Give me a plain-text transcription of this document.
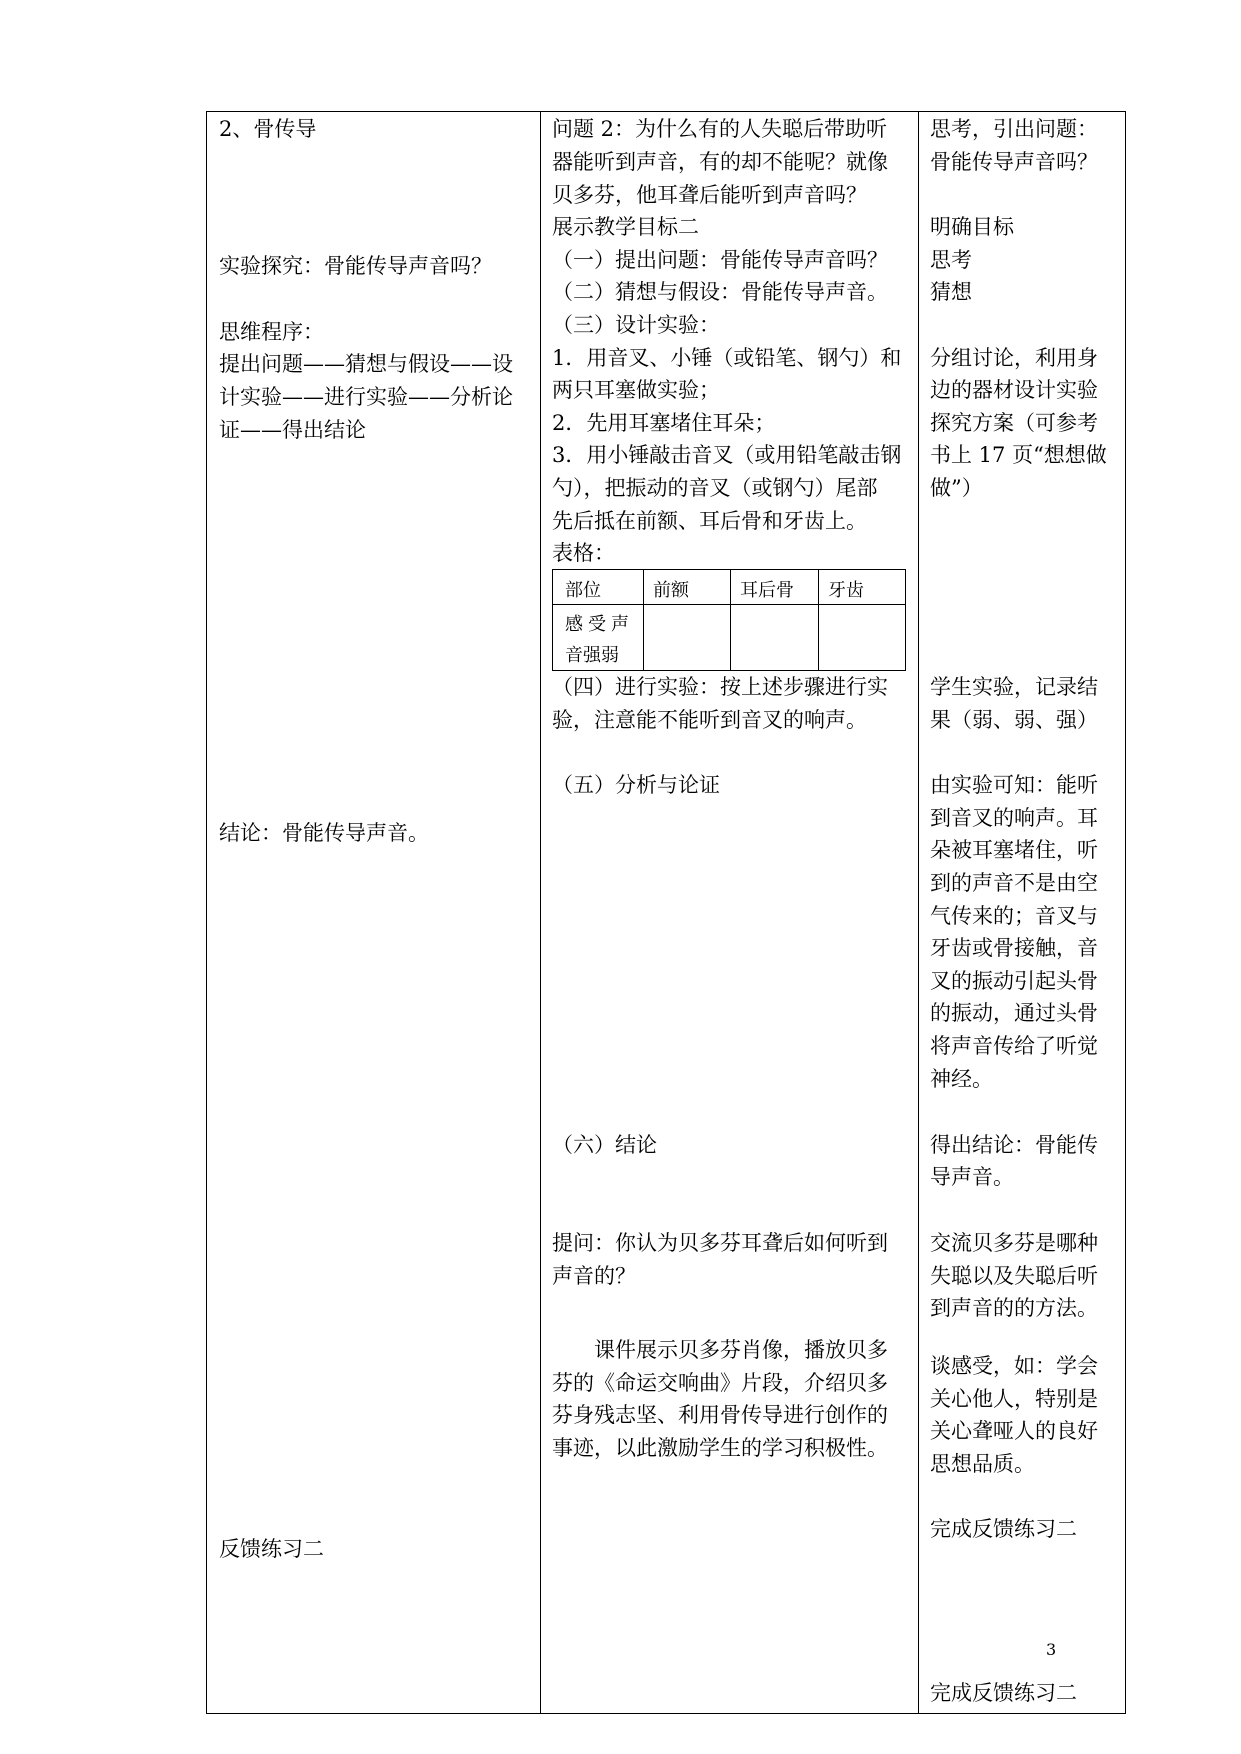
2、骨传导
实验探究：骨能传导声音吗？
思维程序：
提出问题——猜想与假设——设
计实验——进行实验——分析论
证——得出结论
结论：骨能传导声音。
反馈练习二
问题 2：为什么有的人失聪后带助听
器能听到声音，有的却不能呢？就像
贝多芬，他耳聋后能听到声音吗？
展示教学目标二
（一）提出问题：骨能传导声音吗？
（二）猜想与假设：骨能传导声音。
（三）设计实验：
1．用音叉、小锤（或铅笔、钢勺）和
两只耳塞做实验；
2．先用耳塞堵住耳朵；
3．用小锤敲击音叉（或用铅笔敲击钢
勺），把振动的音叉（或钢勺）尾部
先后抵在前额、耳后骨和牙齿上。
表格：
部位	前额	耳后骨 牙齿
感受声
音强弱
（四）进行实验：按上述步骤进行实
验，注意能不能听到音叉的响声。
（五）分析与论证
（六）结论
提问：你认为贝多芬耳聋后如何听到
声音的？
课件展示贝多芬肖像，播放贝多
芬的《命运交响曲》片段，介绍贝多
芬身残志坚、利用骨传导进行创作的
事迹，以此激励学生的学习积极性。
思考，引出问题：
骨能传导声音吗？
明确目标
思考
猜想
分组讨论，利用身
边的器材设计实验
探究方案（可参考
书上 17 页“想想做
做”）
学生实验，记录结
果（弱、弱、强）
由实验可知：能听
到音叉的响声。耳
朵被耳塞堵住，听
到的声音不是由空
气传来的；音叉与
牙齿或骨接触，音
叉的振动引起头骨
的振动，通过头骨
将声音传给了听觉
神经。
得出结论：骨能传
导声音。
交流贝多芬是哪种
失聪以及失聪后听
到声音的的方法。
谈感受，如：学会
关心他人，特别是
关心聋哑人的良好
思想品质。
完成反馈练习二
完成反馈练习二
3
